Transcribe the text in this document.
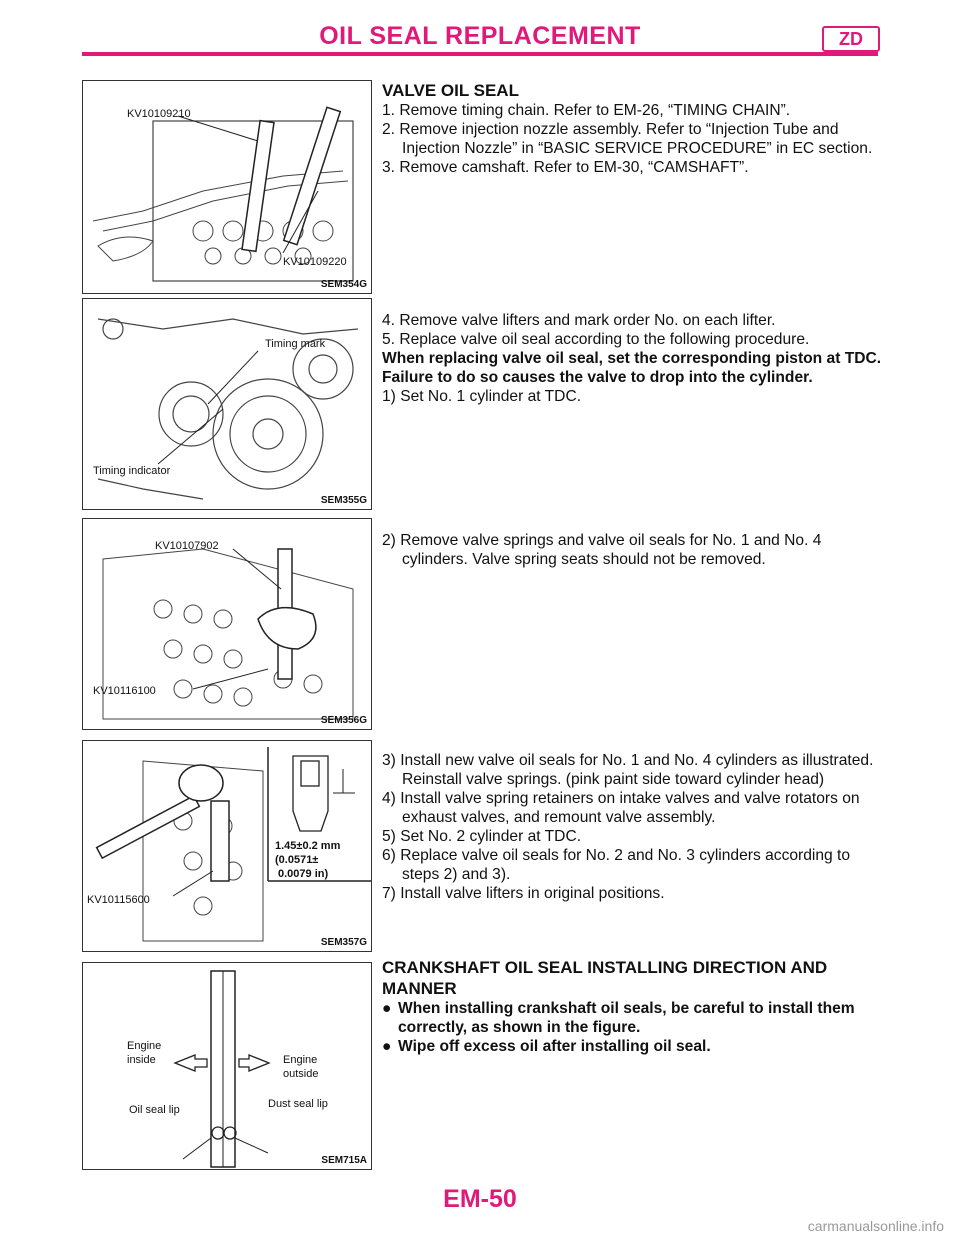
OIL SEAL REPLACEMENT	ZD
KV10109210
KV10109220
SEM354G
Timing mark
Timing indicator
SEM355G
KV10107902
KV10116100
SEM356G
1.45±0.2 mm
(0.0571±
0.0079 in)
KV10115600
SEM357G
Engine
inside	Engine
outside
Oil seal lip	Dust seal lip
SEM715A

VALVE OIL SEAL

1. Remove timing chain. Refer to EM-26, “TIMING CHAIN”.

2. Remove injection nozzle assembly. Refer to “Injection Tube and Injection Nozzle” in “BASIC SERVICE PROCEDURE” in EC section.

3. Remove camshaft. Refer to EM-30, “CAMSHAFT”.

4. Remove valve lifters and mark order No. on each lifter.

5. Replace valve oil seal according to the following procedure.

When replacing valve oil seal, set the corresponding piston at TDC. Failure to do so causes the valve to drop into the cylinder.

1) Set No. 1 cylinder at TDC.

2) Remove valve springs and valve oil seals for No. 1 and No. 4 cylinders. Valve spring seats should not be removed.

3) Install new valve oil seals for No. 1 and No. 4 cylinders as illustrated. Reinstall valve springs. (pink paint side toward cylinder head)

4) Install valve spring retainers on intake valves and valve rotators on exhaust valves, and remount valve assembly.

5) Set No. 2 cylinder at TDC.

6) Replace valve oil seals for No. 2 and No. 3 cylinders according to steps 2) and 3).

7) Install valve lifters in original positions.

CRANKSHAFT OIL SEAL INSTALLING DIRECTION AND MANNER

● When installing crankshaft oil seals, be careful to install them correctly, as shown in the figure.

● Wipe off excess oil after installing oil seal.

EM-50
carmanualsonline.info
